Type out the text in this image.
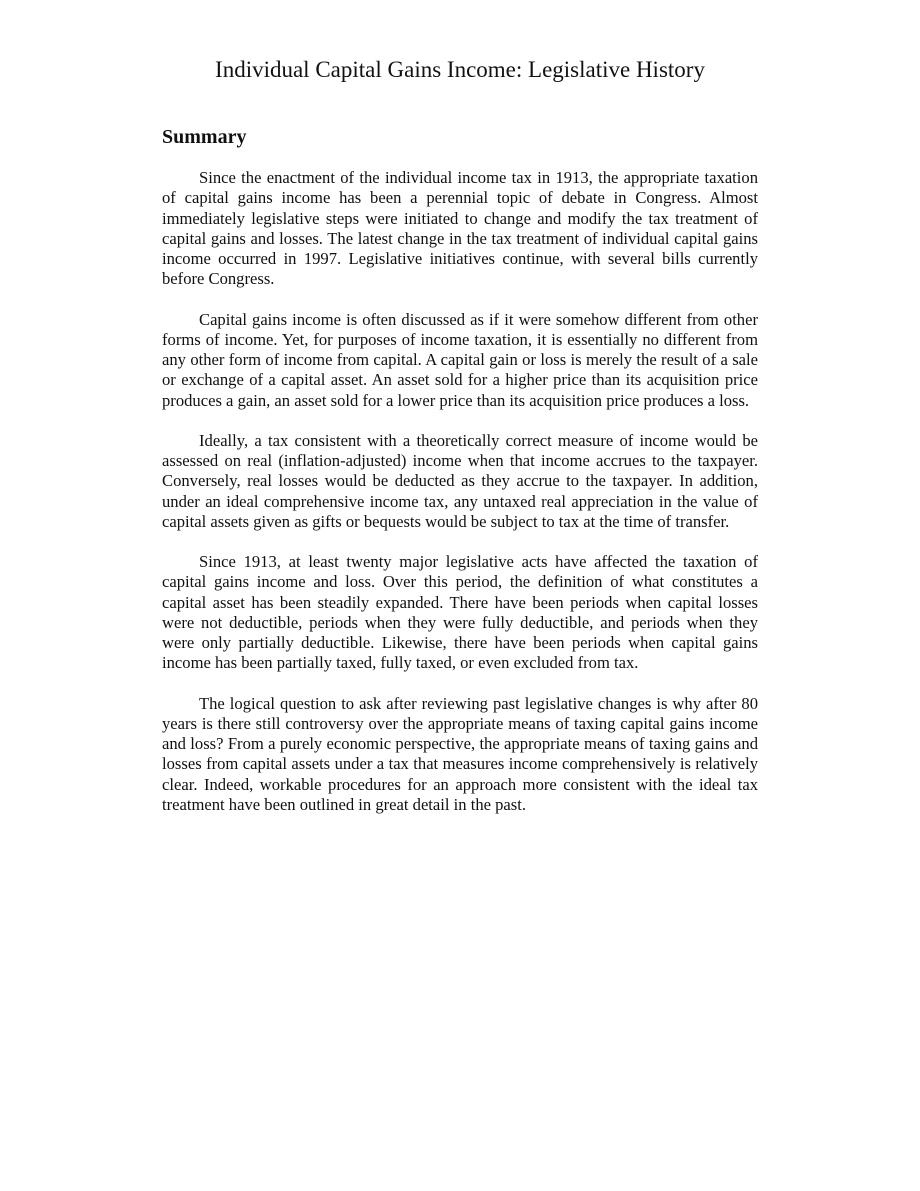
Individual Capital Gains Income: Legislative History
Summary

Since the enactment of the individual income tax in 1913, the appropriate taxation of capital gains income has been a perennial topic of debate in Congress. Almost immediately legislative steps were initiated to change and modify the tax treatment of capital gains and losses. The latest change in the tax treatment of individual capital gains income occurred in 1997. Legislative initiatives continue, with several bills currently before Congress.

Capital gains income is often discussed as if it were somehow different from other forms of income. Yet, for purposes of income taxation, it is essentially no different from any other form of income from capital. A capital gain or loss is merely the result of a sale or exchange of a capital asset. An asset sold for a higher price than its acquisition price produces a gain, an asset sold for a lower price than its acquisition price produces a loss.

Ideally, a tax consistent with a theoretically correct measure of income would be assessed on real (inflation-adjusted) income when that income accrues to the taxpayer. Conversely, real losses would be deducted as they accrue to the taxpayer. In addition, under an ideal comprehensive income tax, any untaxed real appreciation in the value of capital assets given as gifts or bequests would be subject to tax at the time of transfer.

Since 1913, at least twenty major legislative acts have affected the taxation of capital gains income and loss. Over this period, the definition of what constitutes a capital asset has been steadily expanded. There have been periods when capital losses were not deductible, periods when they were fully deductible, and periods when they were only partially deductible. Likewise, there have been periods when capital gains income has been partially taxed, fully taxed, or even excluded from tax.

The logical question to ask after reviewing past legislative changes is why after 80 years is there still controversy over the appropriate means of taxing capital gains income and loss? From a purely economic perspective, the appropriate means of taxing gains and losses from capital assets under a tax that measures income comprehensively is relatively clear. Indeed, workable procedures for an approach more consistent with the ideal tax treatment have been outlined in great detail in the past.
